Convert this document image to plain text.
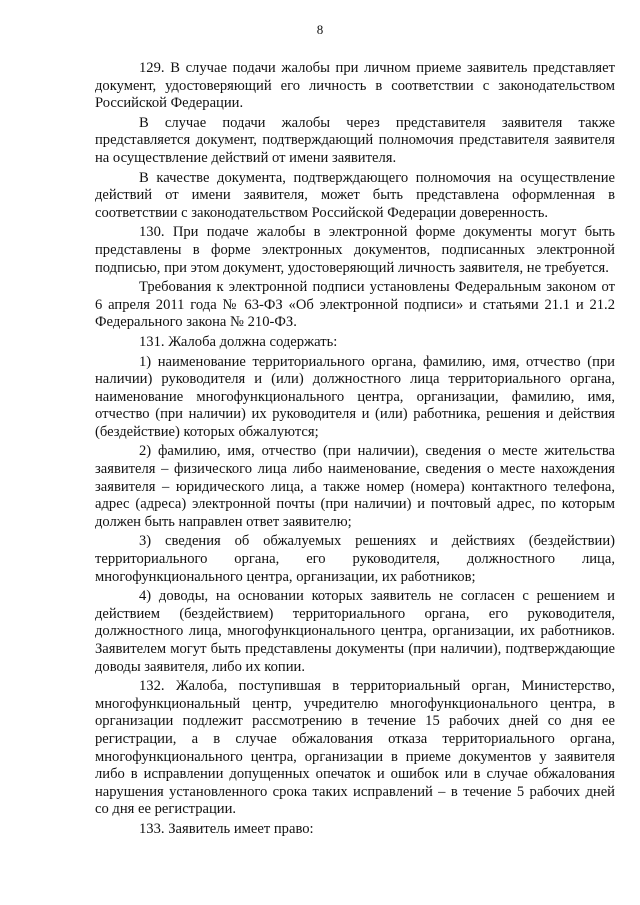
8

129. В случае подачи жалобы при личном приеме заявитель представляет документ, удостоверяющий его личность в соответствии с законодательством Российской Федерации.

В случае подачи жалобы через представителя заявителя также представляется документ, подтверждающий полномочия представителя заявителя на осуществление действий от имени заявителя.

В качестве документа, подтверждающего полномочия на осуществление действий от имени заявителя, может быть представлена оформленная в соответствии с законодательством Российской Федерации доверенность.

130. При подаче жалобы в электронной форме документы могут быть представлены в форме электронных документов, подписанных электронной подписью, при этом документ, удостоверяющий личность заявителя, не требуется.

Требования к электронной подписи установлены Федеральным законом от 6 апреля 2011 года № 63-ФЗ «Об электронной подписи» и статьями 21.1 и 21.2 Федерального закона № 210-ФЗ.

131. Жалоба должна содержать:

1) наименование территориального органа, фамилию, имя, отчество (при наличии) руководителя и (или) должностного лица территориального органа, наименование многофункционального центра, организации, фамилию, имя, отчество (при наличии) их руководителя и (или) работника, решения и действия (бездействие) которых обжалуются;

2) фамилию, имя, отчество (при наличии), сведения о месте жительства заявителя – физического лица либо наименование, сведения о месте нахождения заявителя – юридического лица, а также номер (номера) контактного телефона, адрес (адреса) электронной почты (при наличии) и почтовый адрес, по которым должен быть направлен ответ заявителю;

3) сведения об обжалуемых решениях и действиях (бездействии) территориального органа, его руководителя, должностного лица, многофункционального центра, организации, их работников;

4) доводы, на основании которых заявитель не согласен с решением и действием (бездействием) территориального органа, его руководителя, должностного лица, многофункционального центра, организации, их работников. Заявителем могут быть представлены документы (при наличии), подтверждающие доводы заявителя, либо их копии.

132. Жалоба, поступившая в территориальный орган, Министерство, многофункциональный центр, учредителю многофункционального центра, в организации подлежит рассмотрению в течение 15 рабочих дней со дня ее регистрации, а в случае обжалования отказа территориального органа, многофункционального центра, организации в приеме документов у заявителя либо в исправлении допущенных опечаток и ошибок или в случае обжалования нарушения установленного срока таких исправлений – в течение 5 рабочих дней со дня ее регистрации.

133. Заявитель имеет право:
